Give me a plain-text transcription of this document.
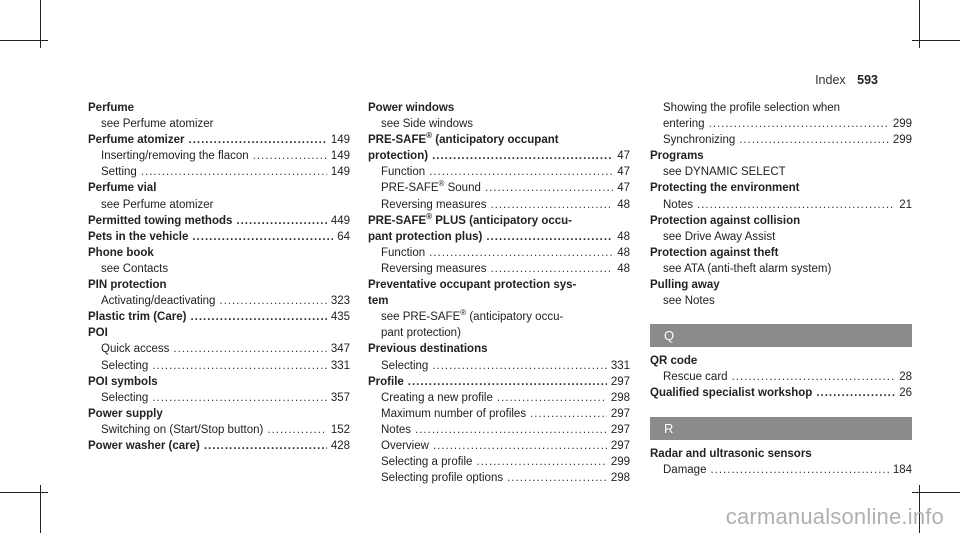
Index 593
Perfume
see Perfume atomizer
Perfume atomizer .....	149
Inserting/removing the flacon .....	149
Setting .....	149
Perfume vial
see Perfume atomizer
Permitted towing methods .....	449
Pets in the vehicle .....	64
Phone book
see Contacts
PIN protection
Activating/deactivating .....	323
Plastic trim (Care) .....	435
POI
Quick access .....	347
Selecting .....	331
POI symbols
Selecting .....	357
Power supply
Switching on (Start/Stop button) .....	152
Power washer (care) .....	428
Power windows
see Side windows
PRE-SAFE® (anticipatory occupant
protection) .....	47
Function .....	47
PRE-SAFE® Sound .....	47
Reversing measures .....	48
PRE-SAFE® PLUS (anticipatory occu-
pant protection plus) .....	48
Function .....	48
Reversing measures .....	48
Preventative occupant protection sys-
tem
see PRE-SAFE® (anticipatory occu-
pant protection)
Previous destinations
Selecting .....	331
Profile .....	297
Creating a new profile .....	298
Maximum number of profiles .....	297
Notes .....	297
Overview .....	297
Selecting a profile .....	299
Selecting profile options .....	298
Showing the profile selection when
entering .....	299
Synchronizing .....	299
Programs
see DYNAMIC SELECT
Protecting the environment
Notes .....	21
Protection against collision
see Drive Away Assist
Protection against theft
see ATA (anti-theft alarm system)
Pulling away
see Notes
Q
QR code
Rescue card .....	28
Qualified specialist workshop .....	26
R
Radar and ultrasonic sensors
Damage .....	184
carmanualsonline.info
